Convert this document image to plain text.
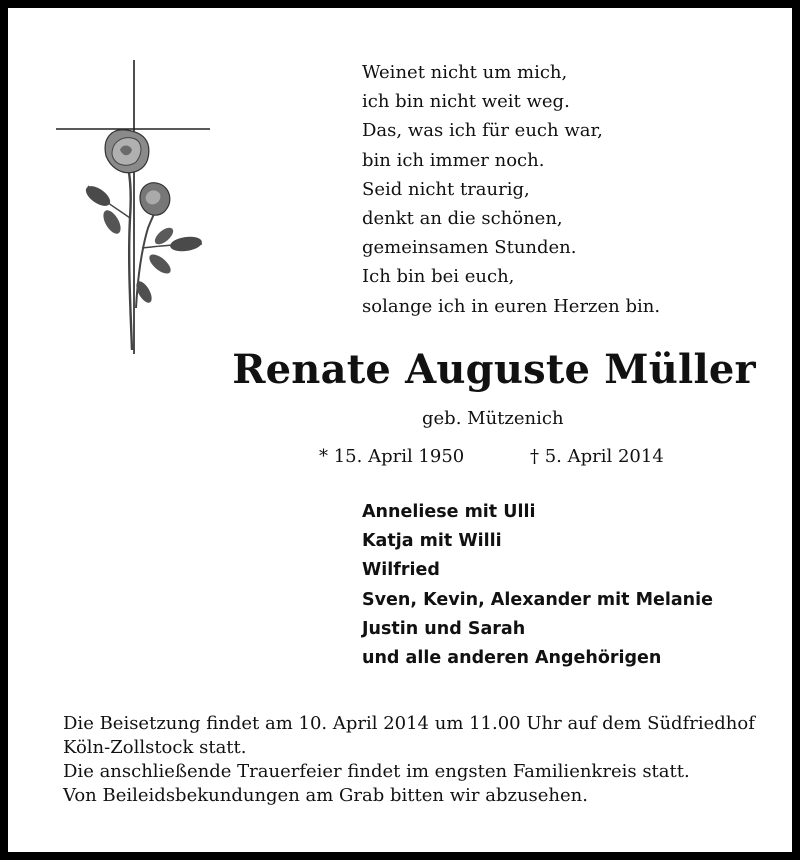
Weinet nicht um mich,
ich bin nicht weit weg.
Das, was ich für euch war,
bin ich immer noch.
Seid nicht traurig,
denkt an die schönen,
gemeinsamen Stunden.
Ich bin bei euch,
solange ich in euren Herzen bin.
Renate Auguste Müller
geb. Mützenich
* 15. April 1950	† 5. April 2014
Anneliese mit Ulli
Katja mit Willi
Wilfried
Sven, Kevin, Alexander mit Melanie
Justin und Sarah
und alle anderen Angehörigen
Die Beisetzung findet am 10. April 2014 um 11.00 Uhr auf dem Südfriedhof
Köln-Zollstock statt.
Die anschließende Trauerfeier findet im engsten Familienkreis statt.
Von Beileidsbekundungen am Grab bitten wir abzusehen.
